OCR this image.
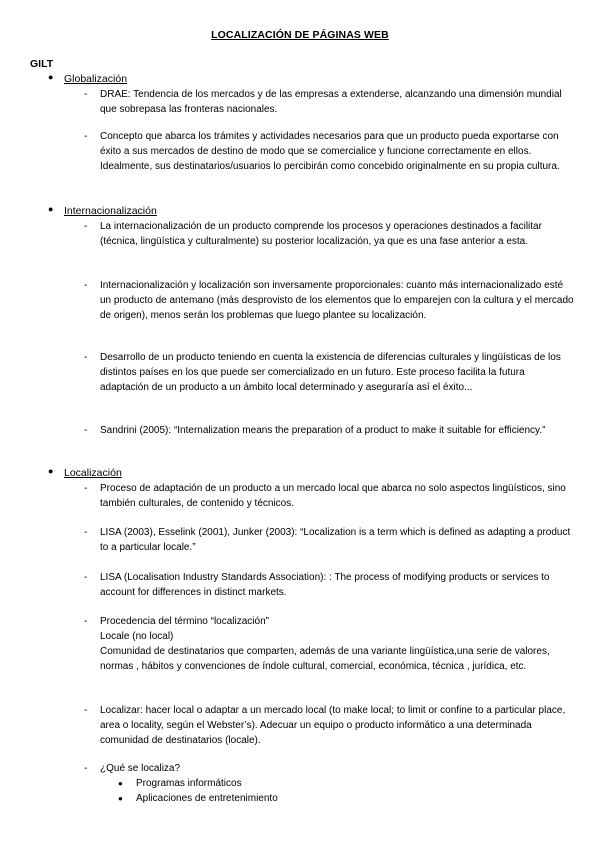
LOCALIZACIÓN DE PÁGINAS WEB
GILT
● Globalización
- DRAE: Tendencia de los mercados y de las empresas a extenderse, alcanzando una dimensión mundial que sobrepasa las fronteras nacionales.
- Concepto que abarca los trámites y actividades necesarios para que un producto pueda exportarse con éxito a sus mercados de destino de modo que se comercialice y funcione correctamente en ellos. Idealmente, sus destinatarios/usuarios lo percibirán como concebido originalmente en su propia cultura.
● Internacionalización
- La internacionalización de un producto comprende los procesos y operaciones destinados a facilitar (técnica, lingüística y culturalmente) su posterior localización, ya que es una fase anterior a esta.
- Internacionalización y localización son inversamente proporcionales: cuanto más internacionalizado esté un producto de antemano (más desprovisto de los elementos que lo emparejen con la cultura y el mercado de origen), menos serán los problemas que luego plantee su localización.
- Desarrollo de un producto teniendo en cuenta la existencia de diferencias culturales y lingüísticas de los distintos países en los que puede ser comercializado en un futuro. Este proceso facilita la futura adaptación de un producto a un ámbito local determinado y aseguraría así el éxito...
- Sandrini (2005): “Internalization means the preparation of a product to make it suitable for efficiency.”
● Localización
- Proceso de adaptación de un producto a un mercado local que abarca no solo aspectos lingüísticos, sino también culturales, de contenido y técnicos.
- LISA (2003), Esselink (2001), Junker (2003): “Localization is a term which is defined as adapting a product to a particular locale.”
- LISA (Localisation Industry Standards Association): : The process of modifying products or services to account for differences in distinct markets.
- Procedencia del término “localización”
Locale (no local)
Comunidad de destinatarios que comparten, además de una variante lingüística,una serie de valores, normas , hábitos y convenciones de índole cultural, comercial, económica, técnica , jurídica, etc.
- Localizar: hacer local o adaptar a un mercado local (to make local; to limit or confine to a particular place, area o locality, según el Webster’s). Adecuar un equipo o producto informático a una determinada comunidad de destinatarios (locale).
- ¿Qué se localiza?
● Programas informáticos
● Aplicaciones de entretenimiento
